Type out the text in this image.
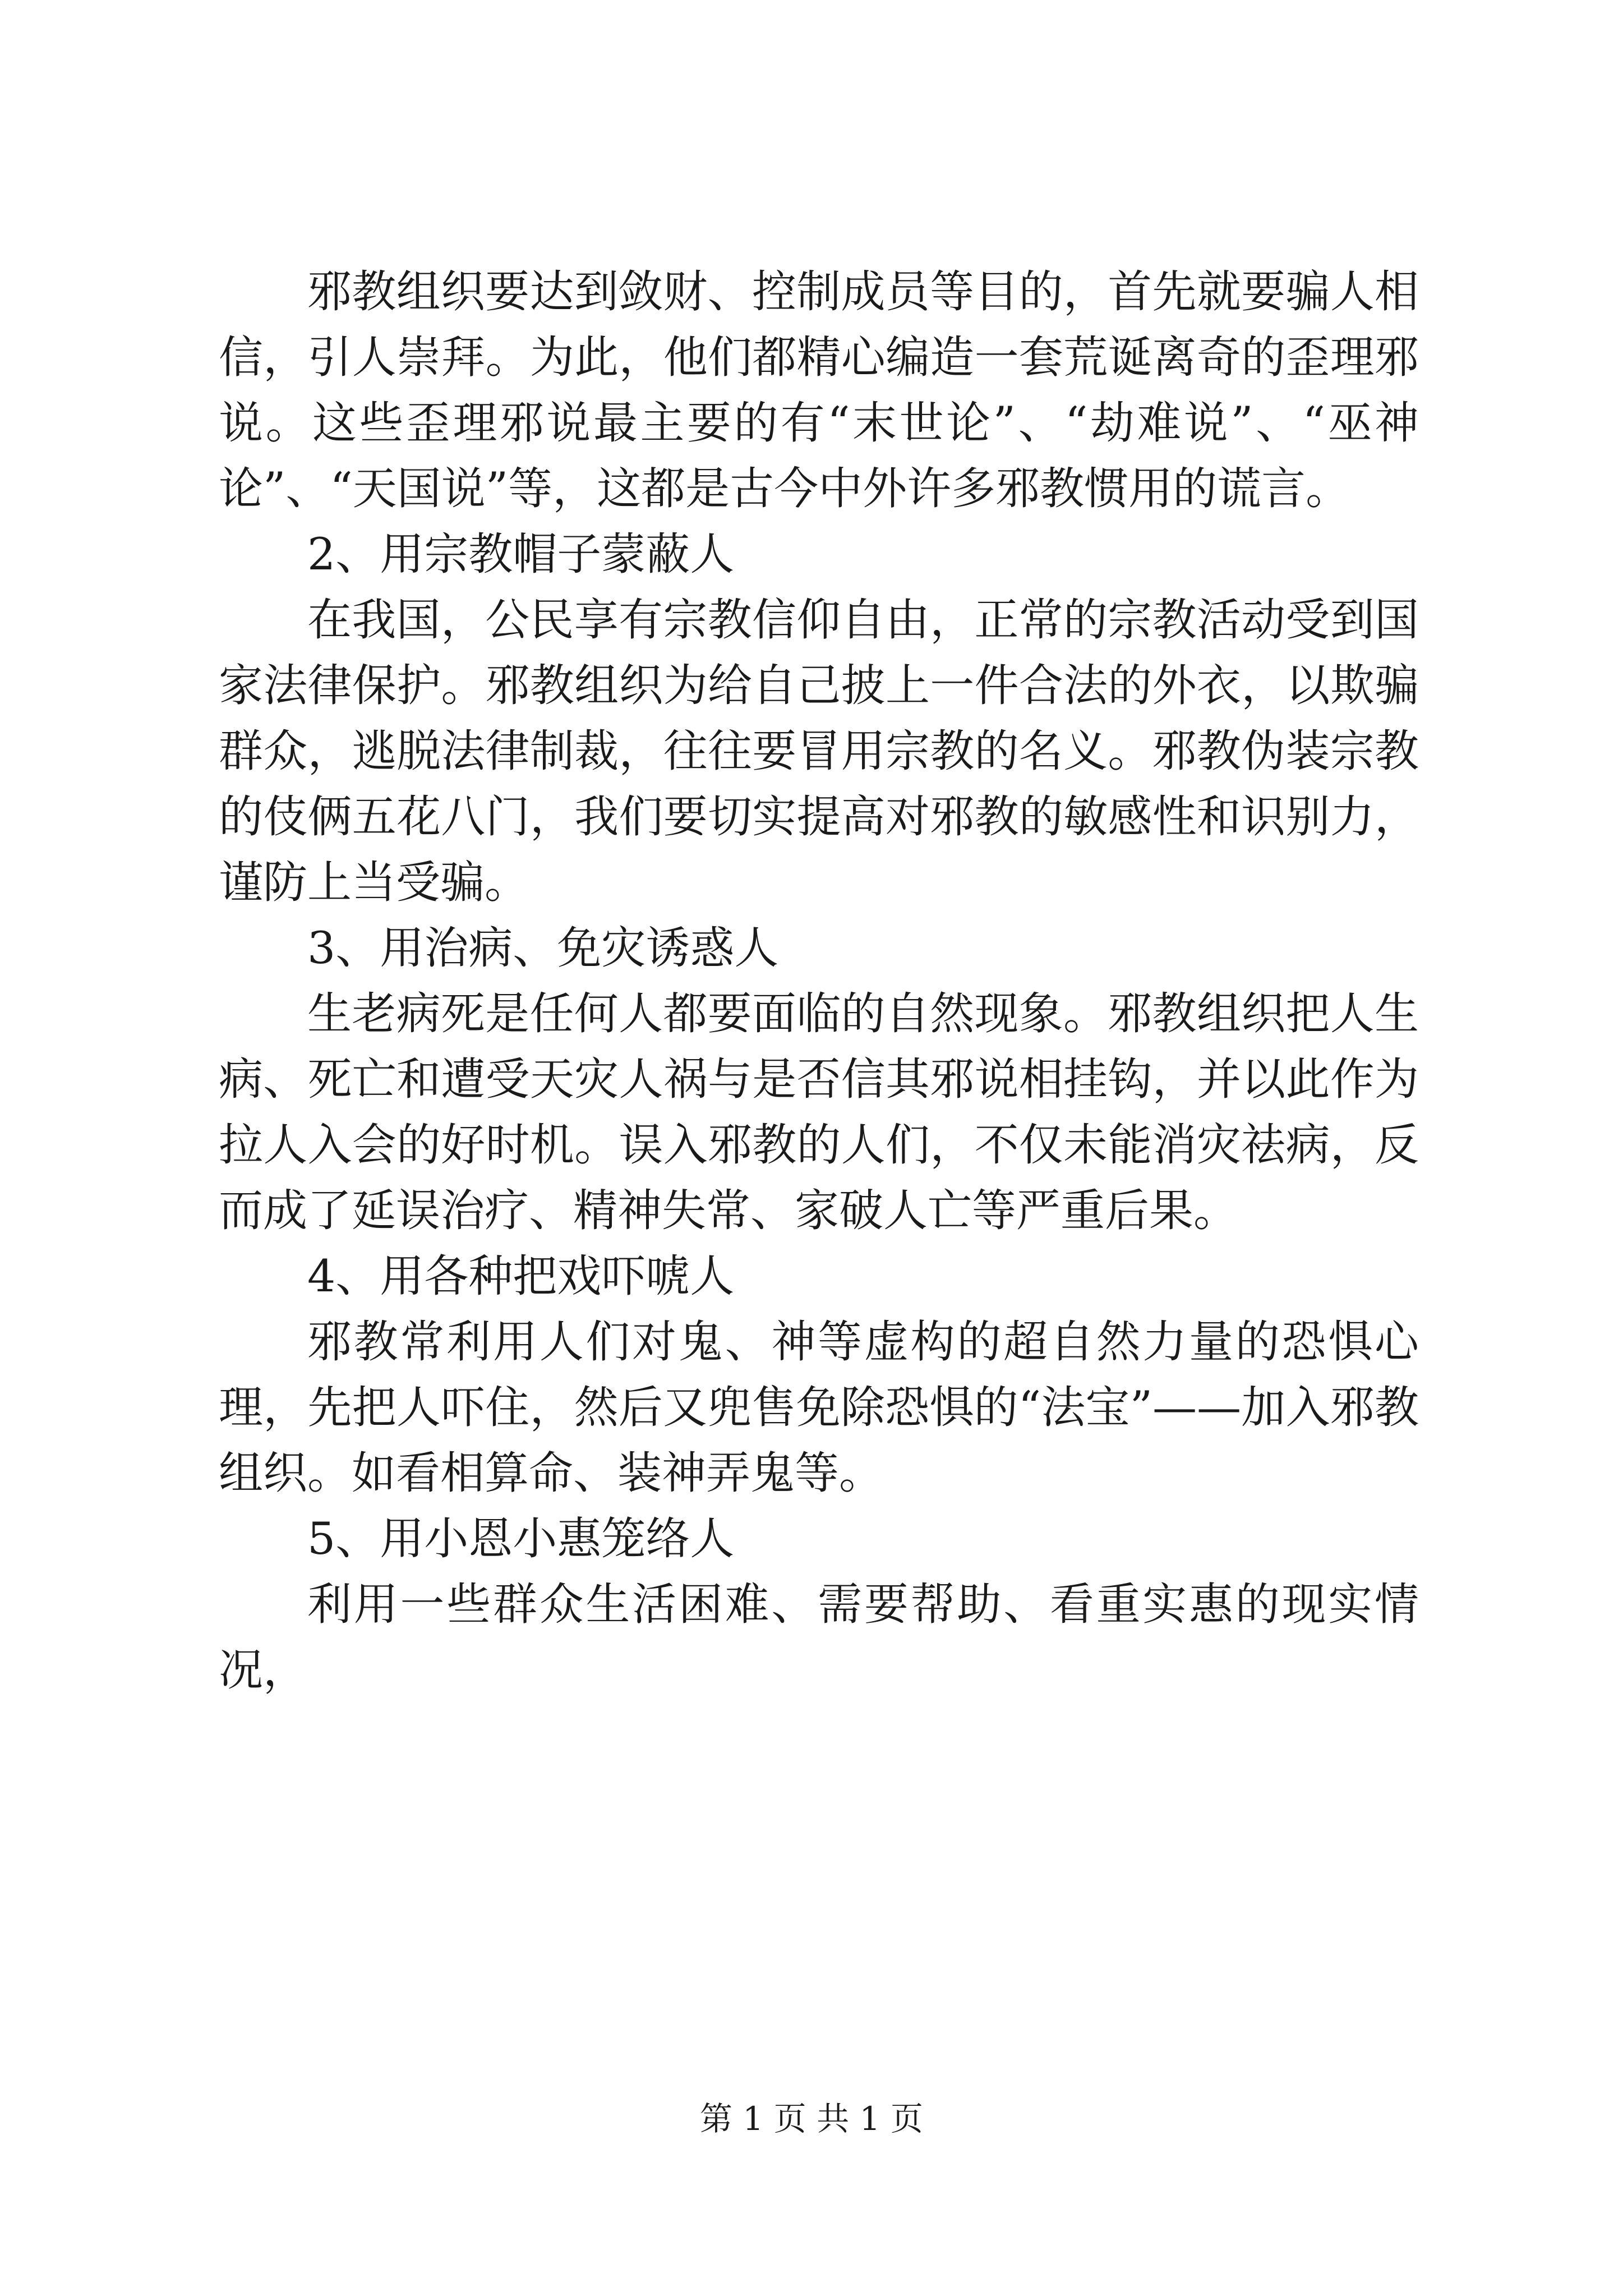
邪教组织要达到敛财、控制成员等目的，首先就要骗人相信，引人崇拜。为此，他们都精心编造一套荒诞离奇的歪理邪说。这些歪理邪说最主要的有“末世论”、“劫难说”、“巫神论”、“天国说”等，这都是古今中外许多邪教惯用的谎言。

2、用宗教帽子蒙蔽人

在我国，公民享有宗教信仰自由，正常的宗教活动受到国家法律保护。邪教组织为给自己披上一件合法的外衣，以欺骗群众，逃脱法律制裁，往往要冒用宗教的名义。邪教伪装宗教的伎俩五花八门，我们要切实提高对邪教的敏感性和识别力，谨防上当受骗。

3、用治病、免灾诱惑人

生老病死是任何人都要面临的自然现象。邪教组织把人生病、死亡和遭受天灾人祸与是否信其邪说相挂钩，并以此作为拉人入会的好时机。误入邪教的人们，不仅未能消灾祛病，反而成了延误治疗、精神失常、家破人亡等严重后果。

4、用各种把戏吓唬人

邪教常利用人们对鬼、神等虚构的超自然力量的恐惧心理，先把人吓住，然后又兜售免除恐惧的“法宝”——加入邪教组织。如看相算命、装神弄鬼等。

5、用小恩小惠笼络人

利用一些群众生活困难、需要帮助、看重实惠的现实情况，

第 1 页 共 1 页
